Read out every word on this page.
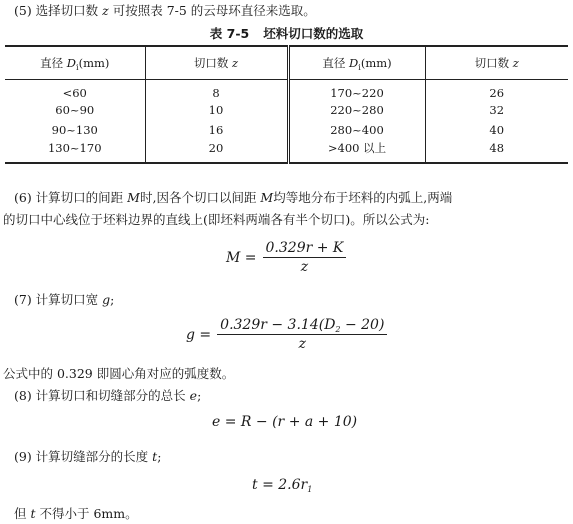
(5) 选择切口数 z 可按照表 7-5 的云母环直径来选取。
表 7-5 坯料切口数的选取
直径 $D_i(mm)$	切口数 z	直径 $D_i(mm)$	切口数 z
<60	8	170~220	26
60~90	10	220~280	32
90~130	16	280~400	40
130~170	20	>400 以上	48
(6) 计算切口的间距 M时,因各个切口以间距 M均等地分布于坯料的内弧上,两端
的切口中心线位于坯料边界的直线上(即坯料两端各有半个切口)。所以公式为:
$M = \frac{0.329r + K}{z}$
(7) 计算切口宽 g;
$g = \frac{0.329r - 3.14(D_2 - 20)}{z}$
公式中的 0.329 即圆心角对应的弧度数。
(8) 计算切口和切缝部分的总长 e;
e = R − (r + a + 10)
(9) 计算切缝部分的长度 t;
$t = 2.6r_1$
但 t 不得小于 6mm。
